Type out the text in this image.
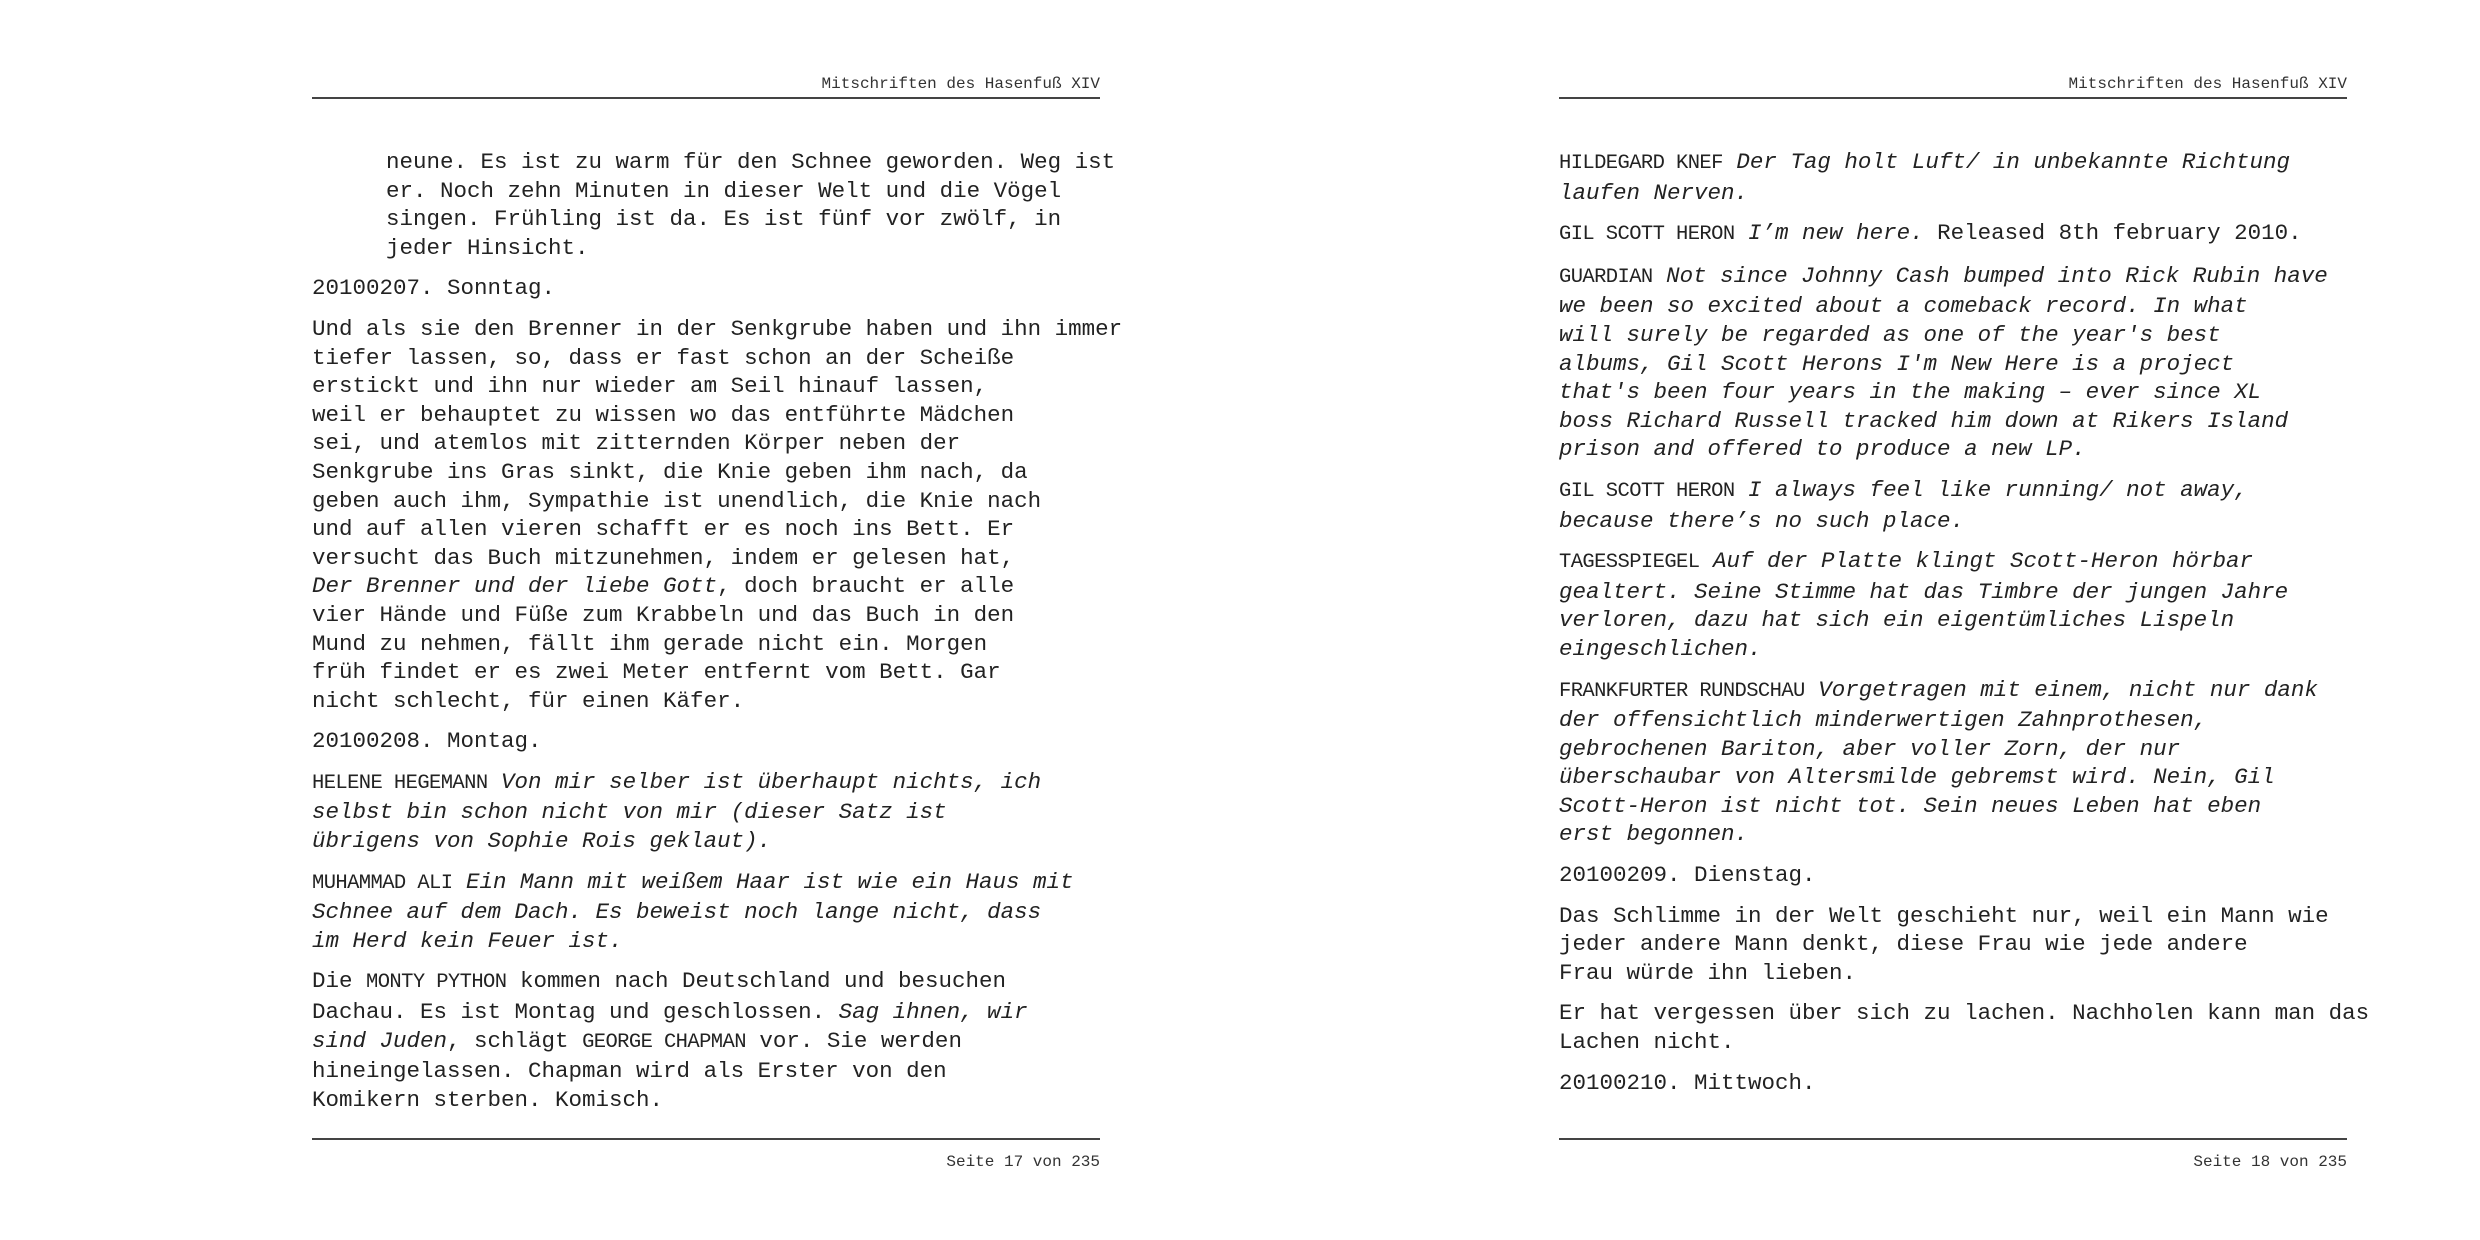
Mitschriften des Hasenfuß XIV
neune. Es ist zu warm für den Schnee geworden. Weg ist
er. Noch zehn Minuten in dieser Welt und die Vögel
singen. Frühling ist da. Es ist fünf vor zwölf, in
jeder Hinsicht.
20100207. Sonntag.
Und als sie den Brenner in der Senkgrube haben und ihn immer
tiefer lassen, so, dass er fast schon an der Scheiße
erstickt und ihn nur wieder am Seil hinauf lassen,
weil er behauptet zu wissen wo das entführte Mädchen
sei, und atemlos mit zitternden Körper neben der
Senkgrube ins Gras sinkt, die Knie geben ihm nach, da
geben auch ihm, Sympathie ist unendlich, die Knie nach
und auf allen vieren schafft er es noch ins Bett. Er
versucht das Buch mitzunehmen, indem er gelesen hat,
Der Brenner und der liebe Gott, doch braucht er alle
vier Hände und Füße zum Krabbeln und das Buch in den
Mund zu nehmen, fällt ihm gerade nicht ein. Morgen
früh findet er es zwei Meter entfernt vom Bett. Gar
nicht schlecht, für einen Käfer.
20100208. Montag.
HELENE HEGEMANN Von mir selber ist überhaupt nichts, ich
selbst bin schon nicht von mir (dieser Satz ist
übrigens von Sophie Rois geklaut).
MUHAMMAD ALI Ein Mann mit weißem Haar ist wie ein Haus mit
Schnee auf dem Dach. Es beweist noch lange nicht, dass
im Herd kein Feuer ist.
Die MONTY PYTHON kommen nach Deutschland und besuchen
Dachau. Es ist Montag und geschlossen. Sag ihnen, wir
sind Juden, schlägt GEORGE CHAPMAN vor. Sie werden
hineingelassen. Chapman wird als Erster von den
Komikern sterben. Komisch.
Seite 17 von 235
Mitschriften des Hasenfuß XIV
HILDEGARD KNEF Der Tag holt Luft/ in unbekannte Richtung
laufen Nerven.
GIL SCOTT HERON I’m new here. Released 8th february 2010.
GUARDIAN Not since Johnny Cash bumped into Rick Rubin have
we been so excited about a comeback record. In what
will surely be regarded as one of the year's best
albums, Gil Scott Herons I'm New Here is a project
that's been four years in the making – ever since XL
boss Richard Russell tracked him down at Rikers Island
prison and offered to produce a new LP.
GIL SCOTT HERON I always feel like running/ not away,
because there’s no such place.
TAGESSPIEGEL Auf der Platte klingt Scott-Heron hörbar
gealtert. Seine Stimme hat das Timbre der jungen Jahre
verloren, dazu hat sich ein eigentümliches Lispeln
eingeschlichen.
FRANKFURTER RUNDSCHAU Vorgetragen mit einem, nicht nur dank
der offensichtlich minderwertigen Zahnprothesen,
gebrochenen Bariton, aber voller Zorn, der nur
überschaubar von Altersmilde gebremst wird. Nein, Gil
Scott-Heron ist nicht tot. Sein neues Leben hat eben
erst begonnen.
20100209. Dienstag.
Das Schlimme in der Welt geschieht nur, weil ein Mann wie
jeder andere Mann denkt, diese Frau wie jede andere
Frau würde ihn lieben.
Er hat vergessen über sich zu lachen. Nachholen kann man das
Lachen nicht.
20100210. Mittwoch.
Seite 18 von 235
